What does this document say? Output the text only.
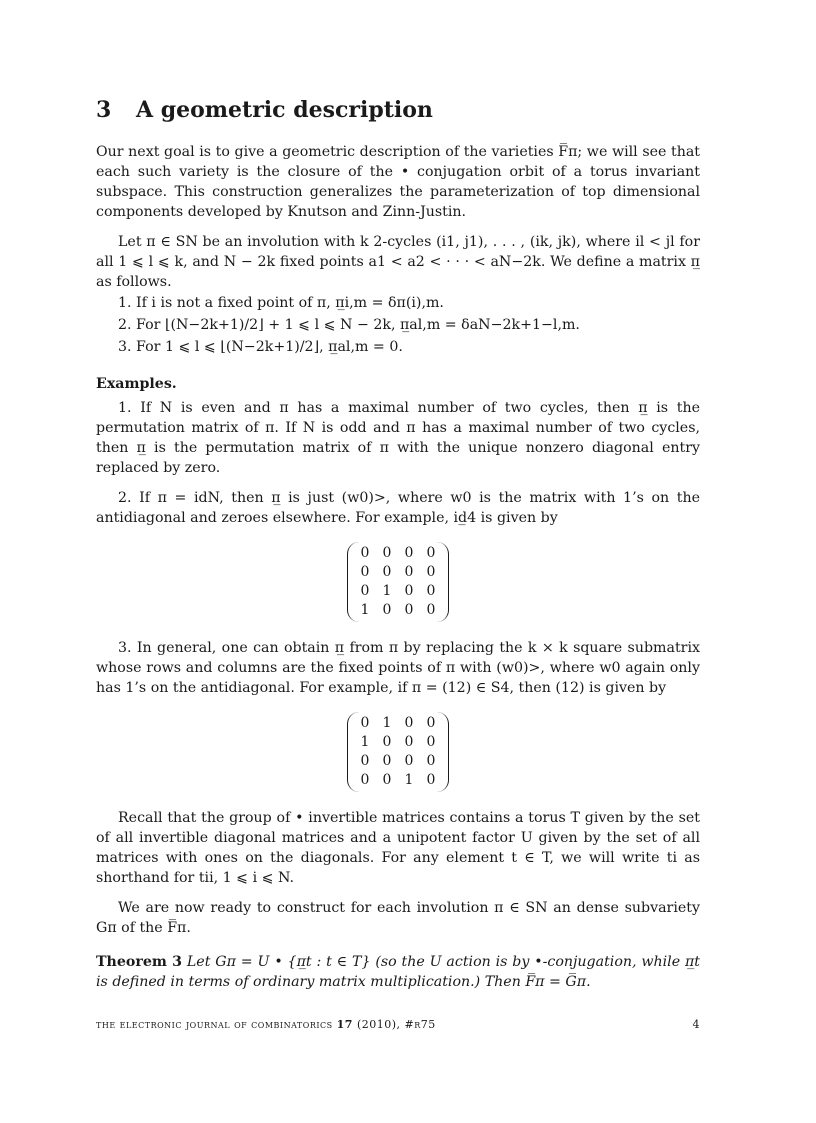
3 A geometric description

Our next goal is to give a geometric description of the varieties F̅π; we will see that each such variety is the closure of the • conjugation orbit of a torus invariant subspace. This construction generalizes the parameterization of top dimensional components developed by Knutson and Zinn-Justin.

Let π ∈ SN be an involution with k 2-cycles (i1, j1), . . . , (ik, jk), where il < jl for all 1 ⩽ l ⩽ k, and N − 2k fixed points a1 < a2 < · · · < aN−2k. We define a matrix π̲ as follows.

1. If i is not a fixed point of π, π̲i,m = δπ(i),m.
2. For ⌊(N−2k+1)/2⌋ + 1 ⩽ l ⩽ N − 2k, π̲al,m = δaN−2k+1−l,m.
3. For 1 ⩽ l ⩽ ⌊(N−2k+1)/2⌋, π̲al,m = 0.
Examples.

1. If N is even and π has a maximal number of two cycles, then π̲ is the permutation matrix of π. If N is odd and π has a maximal number of two cycles, then π̲ is the permutation matrix of π with the unique nonzero diagonal entry replaced by zero.

2. If π = idN, then π̲ is just (w0)>, where w0 is the matrix with 1’s on the antidiagonal and zeroes elsewhere. For example, id̲4 is given by

0 0 0 0
0 0 0 0
0 1 0 0
1 0 0 0

3. In general, one can obtain π̲ from π by replacing the k × k square submatrix whose rows and columns are the fixed points of π with (w0)>, where w0 again only has 1’s on the antidiagonal. For example, if π = (12) ∈ S4, then (12) is given by

0 1 0 0
1 0 0 0
0 0 0 0
0 0 1 0

Recall that the group of • invertible matrices contains a torus T given by the set of all invertible diagonal matrices and a unipotent factor U given by the set of all matrices with ones on the diagonals. For any element t ∈ T, we will write ti as shorthand for tii, 1 ⩽ i ⩽ N.

We are now ready to construct for each involution π ∈ SN an dense subvariety Gπ of the F̅π.

Theorem 3 Let Gπ = U • {π̲t : t ∈ T} (so the U action is by •-conjugation, while π̲t is defined in terms of ordinary matrix multiplication.) Then F̅π = G̅π.

the electronic journal of combinatorics 17 (2010), #r75	4
